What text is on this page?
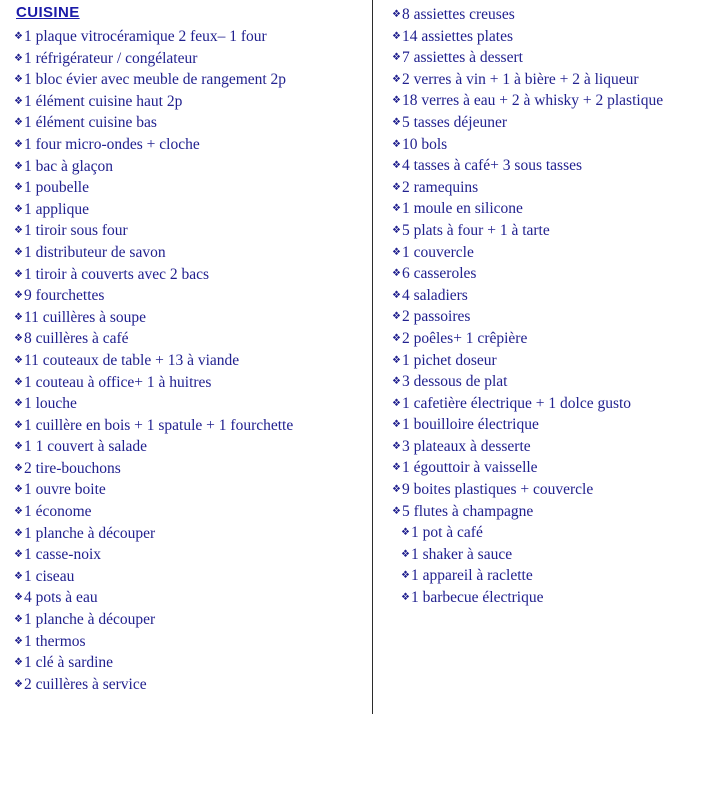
CUISINE
❖1 plaque vitrocéramique 2 feux– 1 four
❖1 réfrigérateur / congélateur
❖1 bloc évier avec meuble de rangement 2p
❖1 élément cuisine haut 2p
❖1 élément cuisine bas
❖1 four micro-ondes + cloche
❖1 bac à glaçon
❖1 poubelle
❖1 applique
❖1 tiroir sous four
❖1 distributeur de savon
❖1 tiroir à couverts avec 2 bacs
❖9 fourchettes
❖11 cuillères à soupe
❖8 cuillères à café
❖11 couteaux de table + 13 à viande
❖1 couteau à office+ 1 à huitres
❖1 louche
❖1 cuillère en bois + 1 spatule + 1 fourchette
❖1 1 couvert à salade
❖2 tire-bouchons
❖1 ouvre boite
❖1 économe
❖1 planche à découper
❖1 casse-noix
❖1 ciseau
❖4 pots à eau
❖1 planche à découper
❖1 thermos
❖1 clé à sardine
❖2 cuillères à service
❖8 assiettes creuses
❖14 assiettes plates
❖7 assiettes à dessert
❖2 verres à vin + 1 à bière + 2 à liqueur
❖18 verres à eau + 2 à whisky + 2 plastique
❖5 tasses déjeuner
❖10 bols
❖4 tasses à café+ 3 sous tasses
❖2 ramequins
❖1 moule en silicone
❖5 plats à four + 1 à tarte
❖1 couvercle
❖6 casseroles
❖4 saladiers
❖2 passoires
❖2 poêles+ 1 crêpière
❖1 pichet doseur
❖3 dessous de plat
❖1 cafetière électrique + 1 dolce gusto
❖1 bouilloire électrique
❖3 plateaux à desserte
❖1 égouttoir à vaisselle
❖9 boites plastiques + couvercle
❖5 flutes à champagne
❖1 pot à café
❖1 shaker à sauce
❖1 appareil à raclette
❖1 barbecue électrique
